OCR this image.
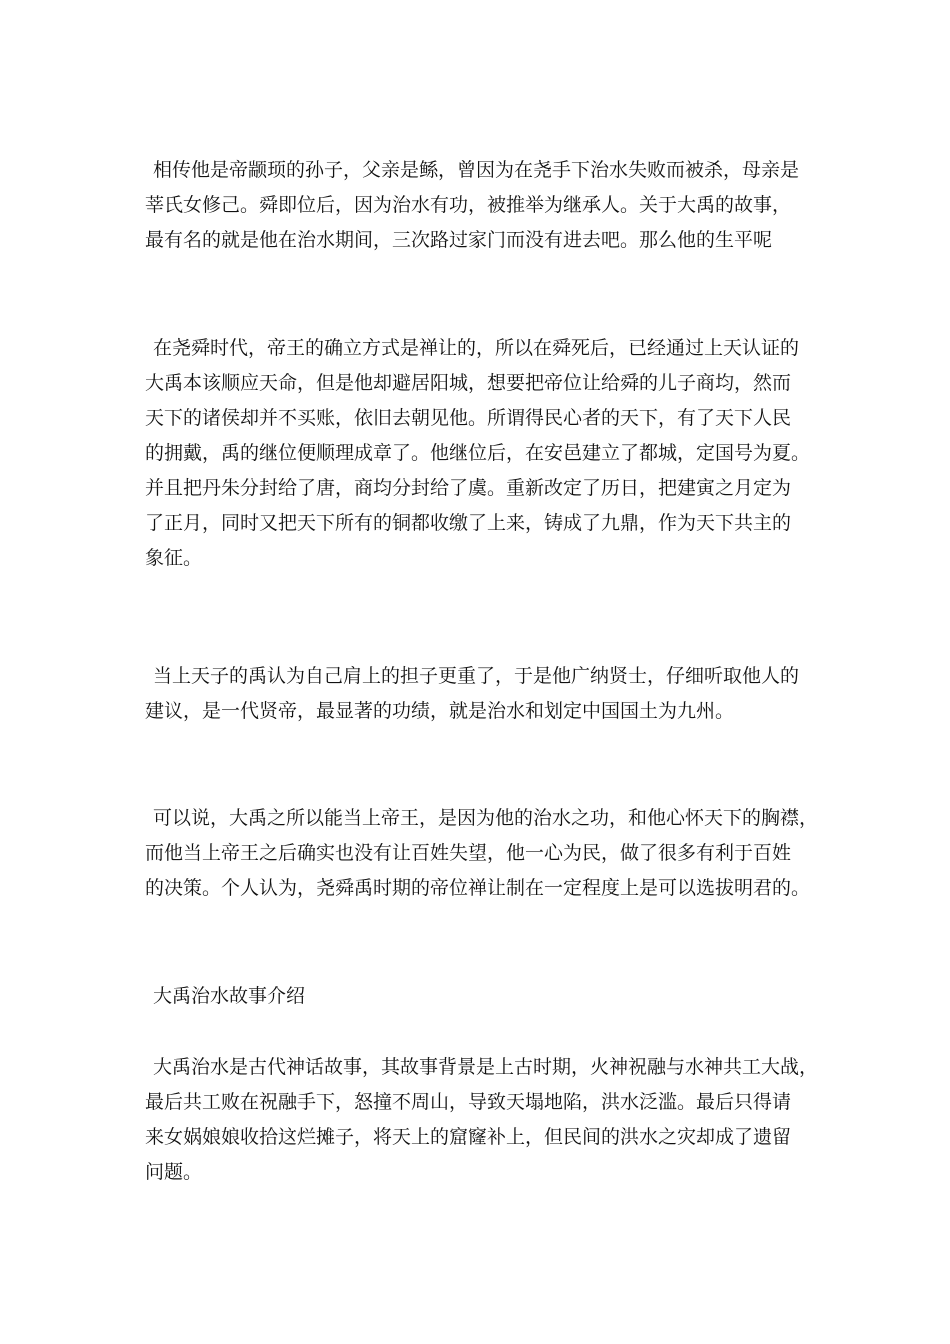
相传他是帝颛顼的孙子，父亲是鲧，曾因为在尧手下治水失败而被杀，母亲是
莘氏女修己。舜即位后，因为治水有功，被推举为继承人。关于大禹的故事，
最有名的就是他在治水期间，三次路过家门而没有进去吧。那么他的生平呢
在尧舜时代，帝王的确立方式是禅让的，所以在舜死后，已经通过上天认证的
大禹本该顺应天命，但是他却避居阳城，想要把帝位让给舜的儿子商均，然而
天下的诸侯却并不买账，依旧去朝见他。所谓得民心者的天下，有了天下人民
的拥戴，禹的继位便顺理成章了。他继位后，在安邑建立了都城，定国号为夏。
并且把丹朱分封给了唐，商均分封给了虞。重新改定了历日，把建寅之月定为
了正月，同时又把天下所有的铜都收缴了上来，铸成了九鼎，作为天下共主的
象征。
当上天子的禹认为自己肩上的担子更重了，于是他广纳贤士，仔细听取他人的
建议，是一代贤帝，最显著的功绩，就是治水和划定中国国土为九州。
可以说，大禹之所以能当上帝王，是因为他的治水之功，和他心怀天下的胸襟，
而他当上帝王之后确实也没有让百姓失望，他一心为民，做了很多有利于百姓
的决策。个人认为，尧舜禹时期的帝位禅让制在一定程度上是可以选拔明君的。
大禹治水故事介绍
大禹治水是古代神话故事，其故事背景是上古时期，火神祝融与水神共工大战，
最后共工败在祝融手下，怒撞不周山，导致天塌地陷，洪水泛滥。最后只得请
来女娲娘娘收拾这烂摊子，将天上的窟窿补上，但民间的洪水之灾却成了遗留
问题。
